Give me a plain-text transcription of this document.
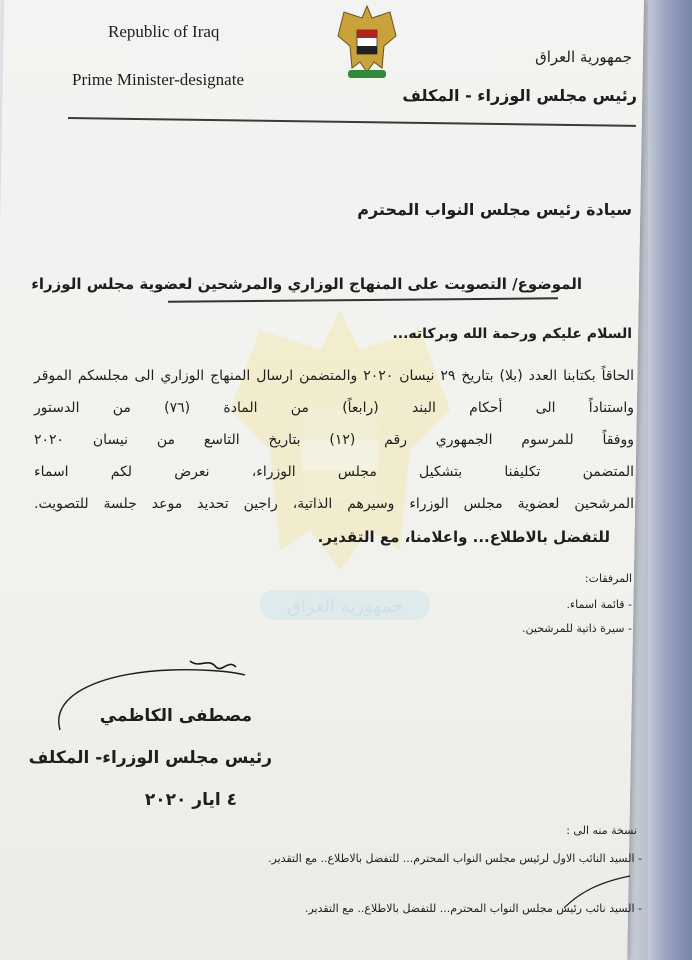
جمهورية العراق
Republic of Iraq
Prime Minister-designate
جمهورية العراق
رئيس مجلس الوزراء - المكلف
سيادة رئيس مجلس النواب المحترم
الموضوع/ التصويت على المنهاج الوزاري والمرشحين لعضوية مجلس الوزراء
السلام عليكم ورحمة الله وبركاته...
الحاقاً بكتابنا العدد (بلا) بتاريخ ٢٩ نيسان ٢٠٢٠ والمتضمن ارسال المنهاج الوزاري الى مجلسكم الموقر
واستناداً الى أحكام البند (رابعاً) من المادة (٧٦) من الدستور
ووفقاً للمرسوم الجمهوري رقم (١٢) بتاريخ التاسع من نيسان ٢٠٢٠
المتضمن تكليفنا بتشكيل مجلس الوزراء، نعرض لكم اسماء
المرشحين لعضوية مجلس الوزراء وسيرهم الذاتية، راجين تحديد موعد جلسة للتصويت.
للتفضل بالاطلاع... واعلامنا، مع التقدير.
المرفقات:
- قائمة اسماء.
- سيرة ذاتية للمرشحين.
مصطفى الكاظمي
رئيس مجلس الوزراء- المكلف
٤ ايار ٢٠٢٠
نسخة منه الى :
- السيد النائب الاول لرئيس مجلس النواب المحترم... للتفضل بالاطلاع.. مع التقدير.
- السيد نائب رئيس مجلس النواب المحترم... للتفضل بالاطلاع.. مع التقدير.
